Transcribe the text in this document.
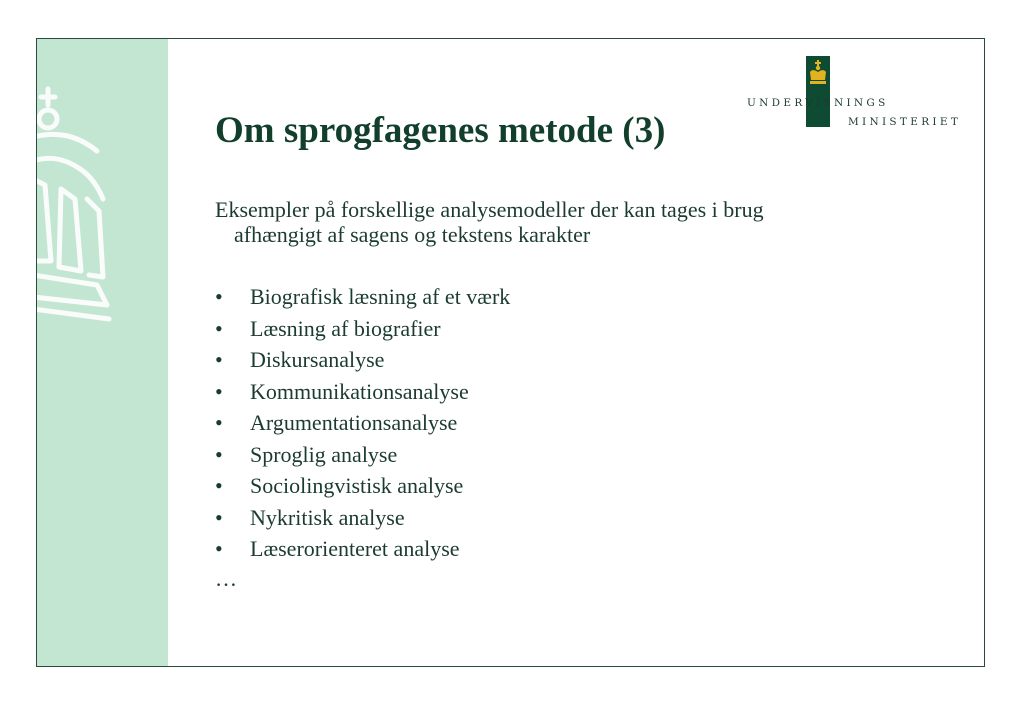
UNDERVISNINGS
MINISTERIET
Om sprogfagenes metode (3)
Eksempler på forskellige analysemodeller der kan tages i brug
afhængigt af sagens og tekstens karakter
• Biografisk læsning af et værk
• Læsning af biografier
• Diskursanalyse
• Kommunikationsanalyse
• Argumentationsanalyse
• Sproglig analyse
• Sociolingvistisk analyse
• Nykritisk analyse
• Læserorienteret analyse
…
